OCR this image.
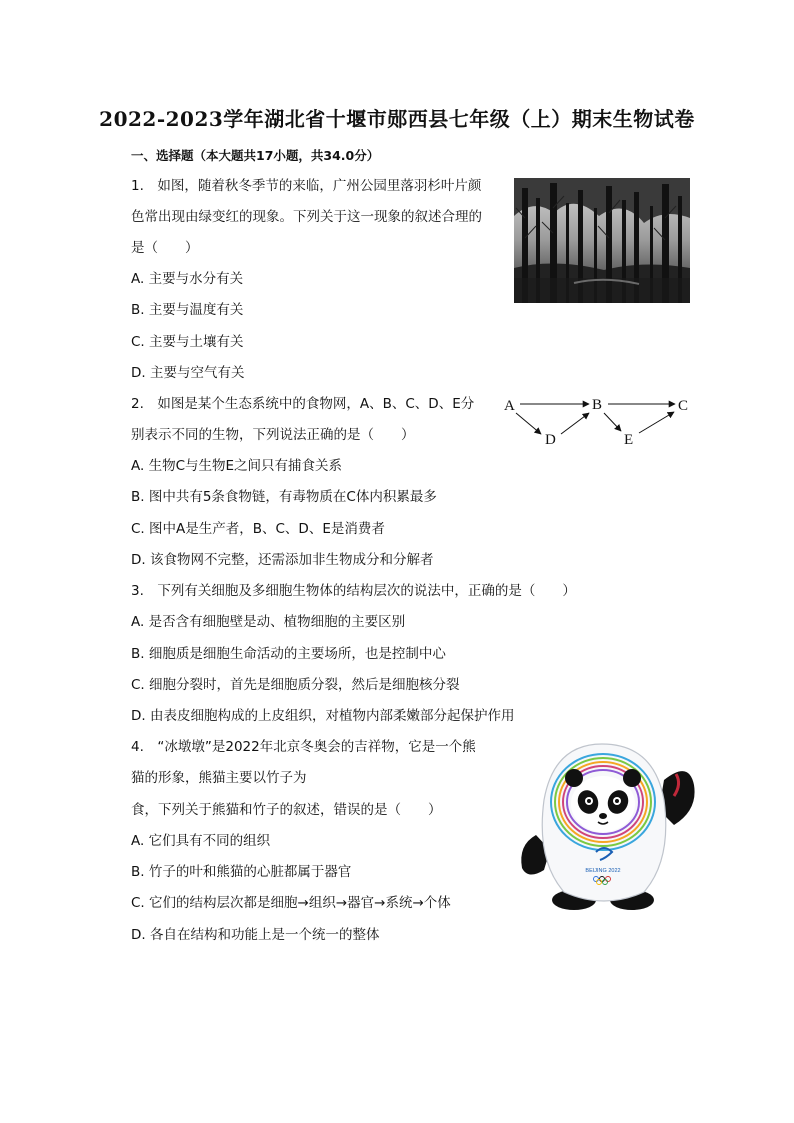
2022-2023学年湖北省十堰市郧西县七年级（上）期末生物试卷
一、选择题（本大题共17小题，共34.0分）
1.　如图，随着秋冬季节的来临，广州公园里落羽杉叶片颜
色常出现由绿变红的现象。下列关于这一现象的叙述合理的
是（　　）
A. 主要与水分有关
B. 主要与温度有关
C. 主要与土壤有关
D. 主要与空气有关
2.　如图是某个生态系统中的食物网，A、B、C、D、E分
别表示不同的生物，下列说法正确的是（　　）
A. 生物C与生物E之间只有捕食关系
B. 图中共有5条食物链，有毒物质在C体内积累最多
C. 图中A是生产者，B、C、D、E是消费者
D. 该食物网不完整，还需添加非生物成分和分解者
A	B	C
D	E
3.　下列有关细胞及多细胞生物体的结构层次的说法中，正确的是（　　）
A. 是否含有细胞壁是动、植物细胞的主要区别
B. 细胞质是细胞生命活动的主要场所，也是控制中心
C. 细胞分裂时，首先是细胞质分裂，然后是细胞核分裂
D. 由表皮细胞构成的上皮组织，对植物内部柔嫩部分起保护作用
4.　“冰墩墩”是2022年北京冬奥会的吉祥物，它是一个熊
猫的形象，熊猫主要以竹子为
食，下列关于熊猫和竹子的叙述，错误的是（　　）
A. 它们具有不同的组织
B. 竹子的叶和熊猫的心脏都属于器官
C. 它们的结构层次都是细胞→组织→器官→系统→个体
D. 各自在结构和功能上是一个统一的整体
BEIJING 2022
